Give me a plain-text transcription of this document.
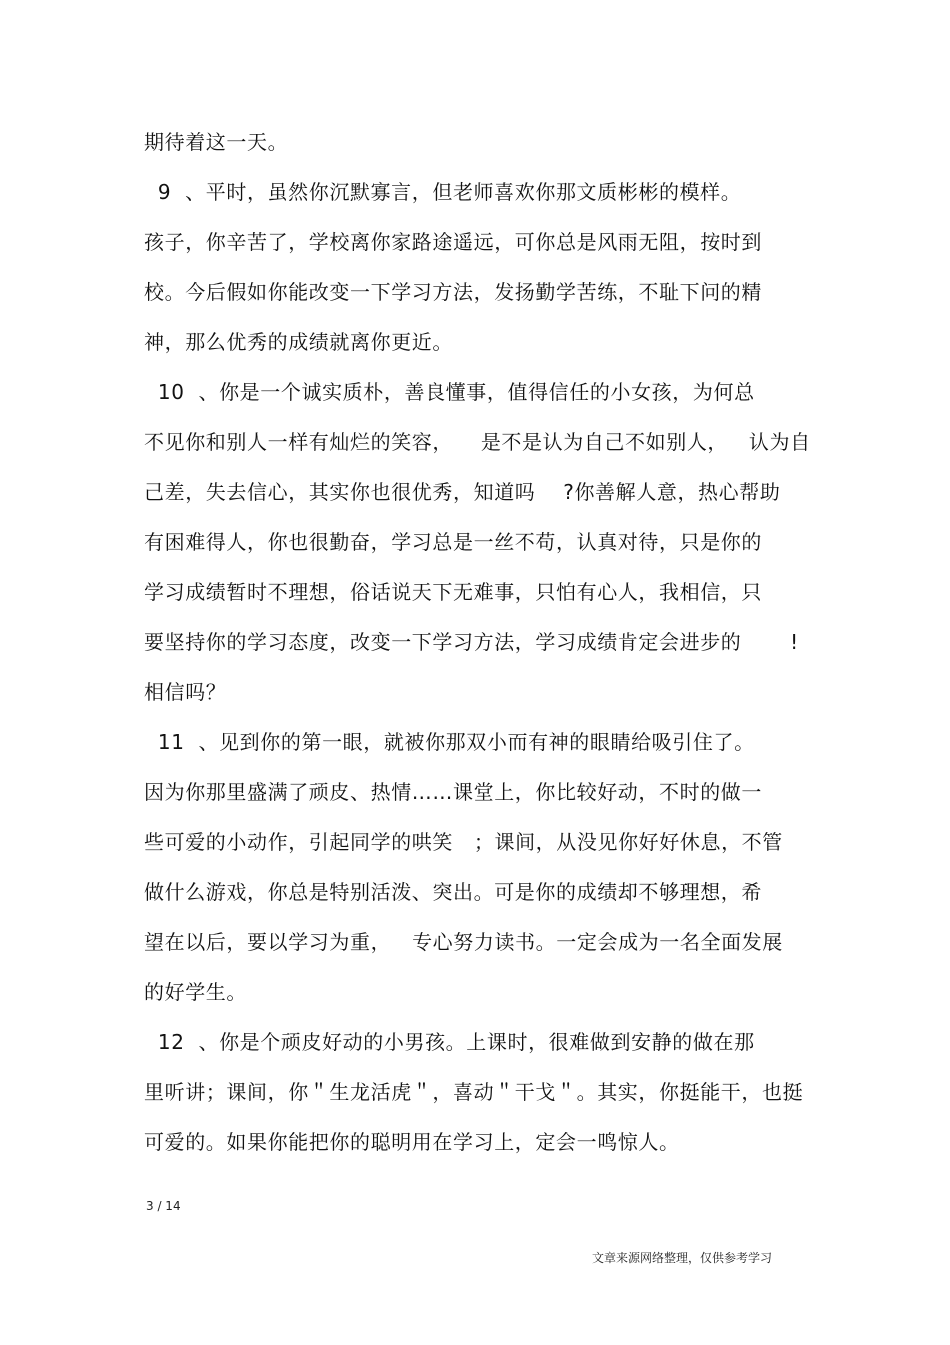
期待着这一天。
9  、平时，虽然你沉默寡言，但老师喜欢你那文质彬彬的模样。
孩子，你辛苦了，学校离你家路途遥远，可你总是风雨无阻，按时到
校。今后假如你能改变一下学习方法，发扬勤学苦练，不耻下问的精
神，那么优秀的成绩就离你更近。
10  、你是一个诚实质朴，善良懂事，值得信任的小女孩，为何总
不见你和别人一样有灿烂的笑容，    是不是认为自己不如别人，   认为自
己差，失去信心，其实你也很优秀，知道吗    ?你善解人意，热心帮助
有困难得人，你也很勤奋，学习总是一丝不苟，认真对待，只是你的
学习成绩暂时不理想，俗话说天下无难事，只怕有心人，我相信，只
要坚持你的学习态度，改变一下学习方法，学习成绩肯定会进步的       !
相信吗？
11  、见到你的第一眼，就被你那双小而有神的眼睛给吸引住了。
因为你那里盛满了顽皮、热情……课堂上，你比较好动，不时的做一
些可爱的小动作，引起同学的哄笑   ；课间，从没见你好好休息，不管
做什么游戏，你总是特别活泼、突出。可是你的成绩却不够理想，希
望在以后，要以学习为重，   专心努力读书。一定会成为一名全面发展
的好学生。
12  、你是个顽皮好动的小男孩。上课时，很难做到安静的做在那
里听讲；课间，你＂生龙活虎＂，喜动＂干戈＂。其实，你挺能干，也挺
可爱的。如果你能把你的聪明用在学习上，定会一鸣惊人。
3 / 14
文章来源网络整理，仅供参考学习
